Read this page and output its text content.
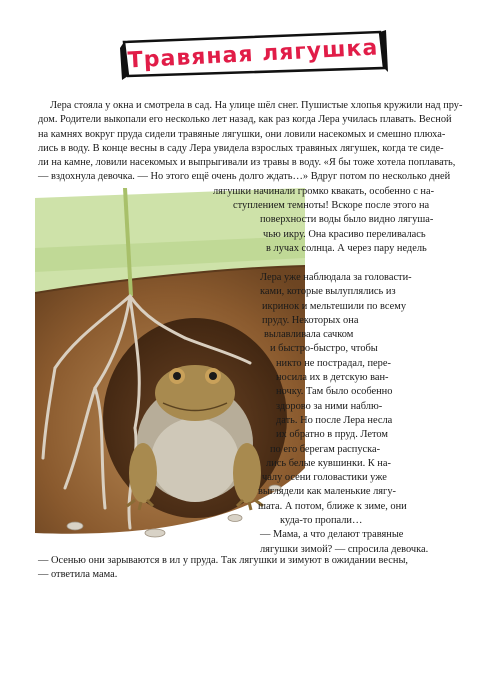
Травяная лягушка
Лера стояла у окна и смотрела в сад. На улице шёл снег. Пушистые хлопья кружили над пру-
дом. Родители выкопали его несколько лет назад, как раз когда Лера училась плавать. Весной
на камнях вокруг пруда сидели травяные лягушки, они ловили насекомых и смешно плюха-
лись в воду. В конце весны в саду Лера увидела взрослых травяных лягушек, когда те сиде-
ли на камне, ловили насекомых и выпрыгивали из травы в воду. «Я бы тоже хотела поплавать,
— вздохнула девочка. — Но этого ещё очень долго ждать…» Вдруг потом по несколько дней
лягушки начинали громко квакать, особенно с на-
ступлением темноты! Вскоре после этого на
поверхности воды было видно лягуша-
чью икру. Она красиво переливалась
в лучах солнца. А через пару недель
Лера уже наблюдала за головасти-
ками, которые вылуплялись из
икринок и мельтешили по всему
пруду. Некоторых она
вылавливала сачком
и быстро-быстро, чтобы
никто не пострадал, пере-
носила их в детскую ван-
ночку. Там было особенно
здорово за ними наблю-
дать. Но после Лера несла
их обратно в пруд. Летом
по его берегам распуска-
лись белые кувшинки. К на-
чалу осени головастики уже
выглядели как маленькие лягу-
шата. А потом, ближе к зиме, они
куда-то пропали…
— Мама, а что делают травяные
лягушки зимой? — спросила девочка.
— Осенью они зарываются в ил у пруда. Так лягушки и зимуют в ожидании весны,
— ответила мама.
